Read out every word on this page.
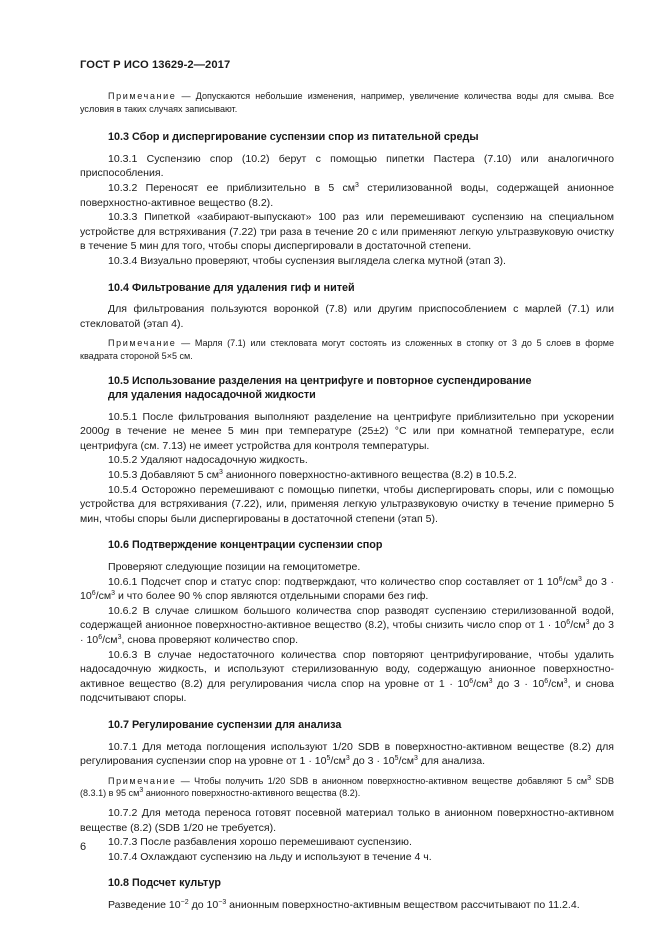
ГОСТ Р ИСО 13629-2—2017

Примечание — Допускаются небольшие изменения, например, увеличение количества воды для смыва. Все условия в таких случаях записывают.

10.3 Сбор и диспергирование суспензии спор из питательной среды

10.3.1 Суспензию спор (10.2) берут с помощью пипетки Пастера (7.10) или аналогичного приспособления.

10.3.2 Переносят ее приблизительно в 5 $см^3$ стерилизованной воды, содержащей анионное поверхностно-активное вещество (8.2).

10.3.3 Пипеткой «забирают-выпускают» 100 раз или перемешивают суспензию на специальном устройстве для встряхивания (7.22) три раза в течение 20 с или применяют легкую ультразвуковую очистку в течение 5 мин для того, чтобы споры диспергировали в достаточной степени.

10.3.4 Визуально проверяют, чтобы суспензия выглядела слегка мутной (этап 3).

10.4 Фильтрование для удаления гиф и нитей

Для фильтрования пользуются воронкой (7.8) или другим приспособлением с марлей (7.1) или стекловатой (этап 4).

Примечание — Марля (7.1) или стекловата могут состоять из сложенных в стопку от 3 до 5 слоев в форме квадрата стороной 5×5 см.

10.5 Использование разделения на центрифуге и повторное суспендирование
для удаления надосадочной жидкости

10.5.1 После фильтрования выполняют разделение на центрифуге приблизительно при ускорении 2000g в течение не менее 5 мин при температуре (25±2) °C или при комнатной температуре, если центрифуга (см. 7.13) не имеет устройства для контроля температуры.

10.5.2 Удаляют надосадочную жидкость.

10.5.3 Добавляют 5 $см^3$ анионного поверхностно-активного вещества (8.2) в 10.5.2.

10.5.4 Осторожно перемешивают с помощью пипетки, чтобы диспергировать споры, или с помощью устройства для встряхивания (7.22), или, применяя легкую ультразвуковую очистку в течение примерно 5 мин, чтобы споры были диспергированы в достаточной степени (этап 5).

10.6 Подтверждение концентрации суспензии спор

Проверяют следующие позиции на гемоцитометре.

10.6.1 Подсчет спор и статус спор: подтверждают, что количество спор составляет от 1 $10^6/см^3$ до $3 \cdot 10^6/см^3$ и что более 90 % спор являются отдельными спорами без гиф.

10.6.2 В случае слишком большого количества спор разводят суспензию стерилизованной водой, содержащей анионное поверхностно-активное вещество (8.2), чтобы снизить число спор от $1 \cdot 10^6/см^3$ до $3 \cdot 10^6/см^3$, снова проверяют количество спор.

10.6.3 В случае недостаточного количества спор повторяют центрифугирование, чтобы удалить надосадочную жидкость, и используют стерилизованную воду, содержащую анионное поверхностно-активное вещество (8.2) для регулирования числа спор на уровне от $1 \cdot 10^6/см^3$ до $3 \cdot 10^6/см^3$, и снова подсчитывают споры.

10.7 Регулирование суспензии для анализа

10.7.1 Для метода поглощения используют 1/20 SDB в поверхностно-активном веществе (8.2) для регулирования суспензии спор на уровне от $1 \cdot 10^5/см^3$ до $3 \cdot 10^5/см^3$ для анализа.

Примечание — Чтобы получить 1/20 SDB в анионном поверхностно-активном веществе добавляют 5 $см^3$ SDB (8.3.1) в 95 $см^3$ анионного поверхностно-активного вещества (8.2).

10.7.2 Для метода переноса готовят посевной материал только в анионном поверхностно-активном веществе (8.2) (SDB 1/20 не требуется).

10.7.3 После разбавления хорошо перемешивают суспензию.

10.7.4 Охлаждают суспензию на льду и используют в течение 4 ч.

10.8 Подсчет культур

Разведение $10^{-2}$ до $10^{-3}$ анионным поверхностно-активным веществом рассчитывают по 11.2.4.

6
